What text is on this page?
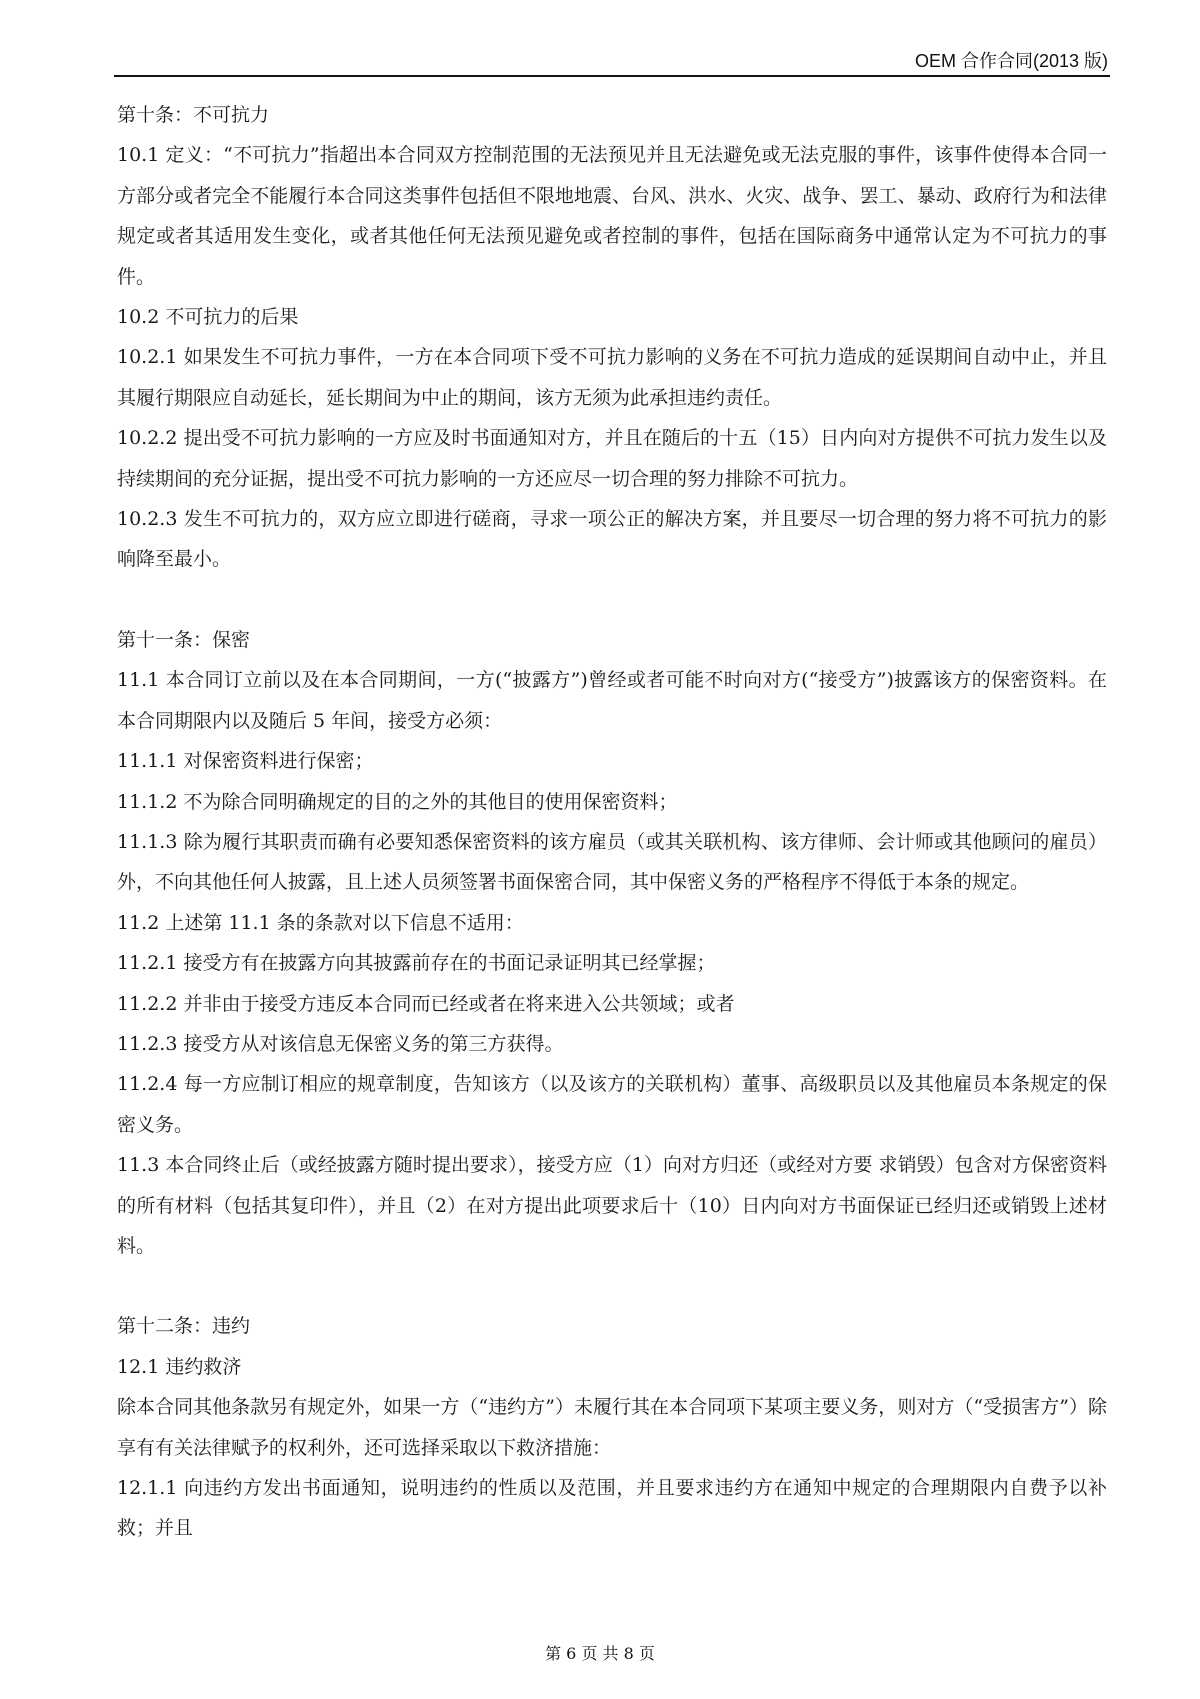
OEM 合作合同(2013 版)

第十条：不可抗力

10.1 定义：“不可抗力”指超出本合同双方控制范围的无法预见并且无法避免或无法克服的事件，该事件使得本合同一方部分或者完全不能履行本合同这类事件包括但不限地地震、台风、洪水、火灾、战争、罢工、暴动、政府行为和法律规定或者其适用发生变化，或者其他任何无法预见避免或者控制的事件，包括在国际商务中通常认定为不可抗力的事件。

10.2 不可抗力的后果

10.2.1 如果发生不可抗力事件，一方在本合同项下受不可抗力影响的义务在不可抗力造成的延误期间自动中止，并且其履行期限应自动延长，延长期间为中止的期间，该方无须为此承担违约责任。

10.2.2 提出受不可抗力影响的一方应及时书面通知对方，并且在随后的十五（15）日内向对方提供不可抗力发生以及持续期间的充分证据，提出受不可抗力影响的一方还应尽一切合理的努力排除不可抗力。

10.2.3 发生不可抗力的，双方应立即进行磋商，寻求一项公正的解决方案，并且要尽一切合理的努力将不可抗力的影响降至最小。

第十一条：保密

11.1 本合同订立前以及在本合同期间，一方(“披露方”)曾经或者可能不时向对方(“接受方”)披露该方的保密资料。在本合同期限内以及随后 5 年间，接受方必须：

11.1.1 对保密资料进行保密；

11.1.2 不为除合同明确规定的目的之外的其他目的使用保密资料；

11.1.3 除为履行其职责而确有必要知悉保密资料的该方雇员（或其关联机构、该方律师、会计师或其他顾问的雇员）外，不向其他任何人披露，且上述人员须签署书面保密合同，其中保密义务的严格程序不得低于本条的规定。

11.2 上述第 11.1 条的条款对以下信息不适用：

11.2.1 接受方有在披露方向其披露前存在的书面记录证明其已经掌握；

11.2.2 并非由于接受方违反本合同而已经或者在将来进入公共领域；或者

11.2.3 接受方从对该信息无保密义务的第三方获得。

11.2.4 每一方应制订相应的规章制度，告知该方（以及该方的关联机构）董事、高级职员以及其他雇员本条规定的保密义务。

11.3 本合同终止后（或经披露方随时提出要求），接受方应（1）向对方归还（或经对方要 求销毁）包含对方保密资料的所有材料（包括其复印件），并且（2）在对方提出此项要求后十（10）日内向对方书面保证已经归还或销毁上述材料。

第十二条：违约

12.1 违约救济

除本合同其他条款另有规定外，如果一方（“违约方”）未履行其在本合同项下某项主要义务，则对方（“受损害方”）除享有有关法律赋予的权利外，还可选择采取以下救济措施：

12.1.1 向违约方发出书面通知，说明违约的性质以及范围，并且要求违约方在通知中规定的合理期限内自费予以补救；并且

第 6 页 共 8 页
